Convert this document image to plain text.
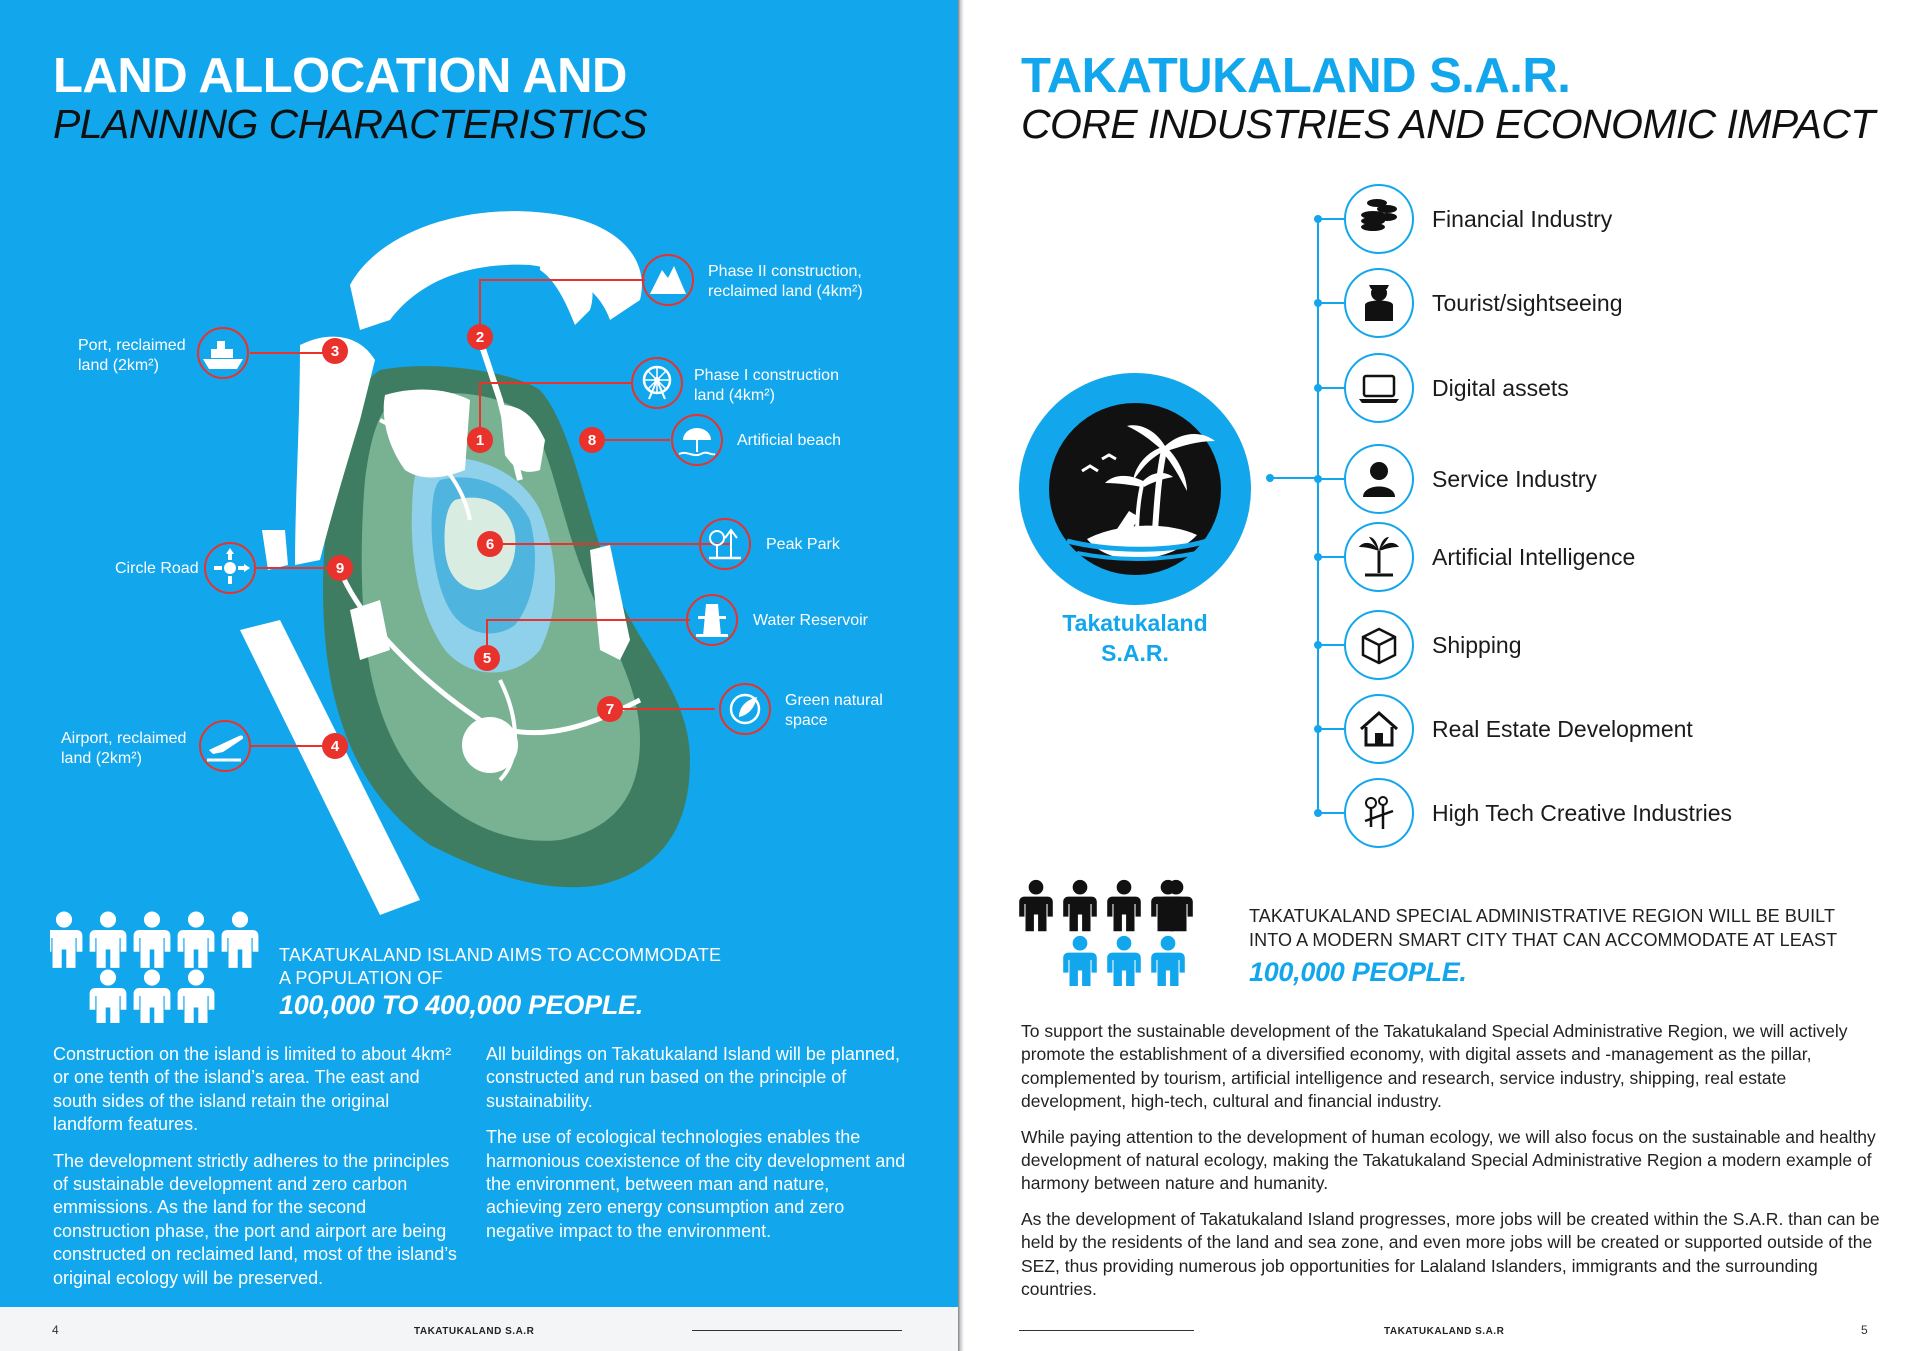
LAND ALLOCATION AND
PLANNING CHARACTERISTICS
1
2
3
4
5
6
7
8
9
Phase I construction
land (4km²)
Phase II construction,
reclaimed land (4km²)
Port, reclaimed
land (2km²)
Airport, reclaimed
land (2km²)
Water Reservoir
Peak Park
Green natural
space
Artificial beach
Circle Road
TAKATUKALAND ISLAND AIMS TO ACCOMMODATE
A POPULATION OF
100,000 TO 400,000 PEOPLE.

Construction on the island is limited to about 4km² or one tenth of the island’s area. The east and south sides of the island retain the original landform features.

The development strictly adheres to the principles of sustainable development and zero carbon emmissions. As the land for the second construction phase, the port and airport are being constructed on reclaimed land, most of the island’s original ecology will be preserved.

All buildings on Takatukaland Island will be planned, constructed and run based on the principle of sustainability.

The use of ecological technologies enables the harmonious coexistence of the city development and the environment, between man and nature, achieving zero energy consumption and zero negative impact to the environment.

4	TAKATUKALAND S.A.R
TAKATUKALAND S.A.R.
CORE INDUSTRIES AND ECONOMIC IMPACT
Takatukaland
S.A.R.
Financial Industry
Tourist/sightseeing
Digital assets
Service Industry
Artificial Intelligence
Shipping
Real Estate Development
High Tech Creative Industries
TAKATUKALAND SPECIAL ADMINISTRATIVE REGION WILL BE BUILT
INTO A MODERN SMART CITY THAT CAN ACCOMMODATE AT LEAST
100,000 PEOPLE.

To support the sustainable development of the Takatukaland Special Administrative Region, we will actively promote the establishment of a diversified economy, with digital assets and -management as the pillar, complemented by tourism, artificial intelligence and research, service industry, shipping, real estate development, high-tech, cultural and financial industry.

While paying attention to the development of human ecology, we will also focus on the sustainable and healthy development of natural ecology, making the Takatukaland Special Administrative Region a modern example of harmony between nature and humanity.

As the development of Takatukaland Island progresses, more jobs will be created within the S.A.R. than can be held by the residents of the land and sea zone, and even more jobs will be created or supported outside of the SEZ, thus providing numerous job opportunities for Lalaland Islanders, immigrants and the surrounding countries.

TAKATUKALAND S.A.R	5
